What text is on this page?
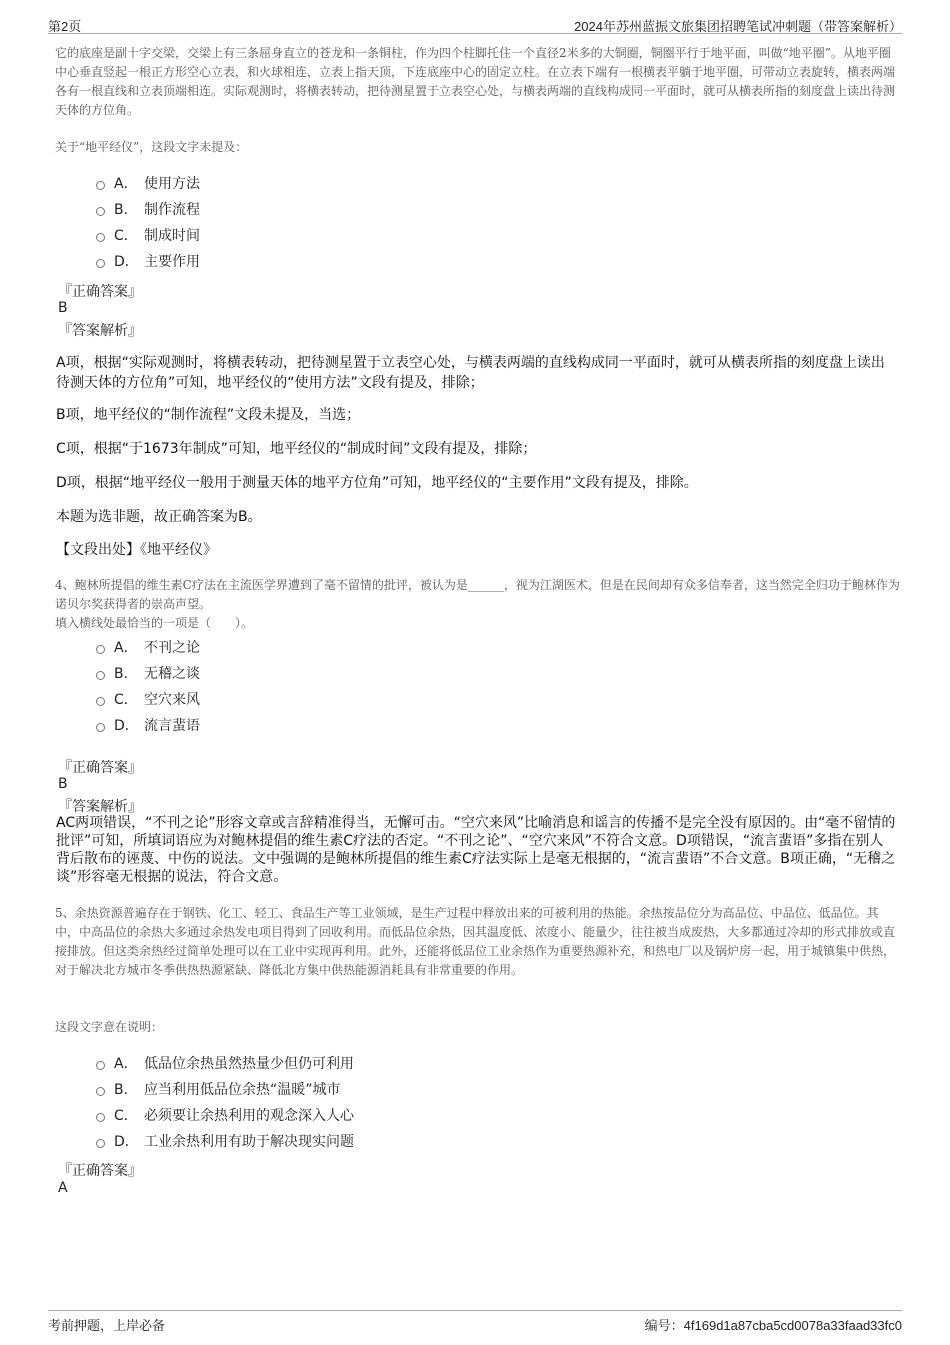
第2页	2024年苏州蓝振文旅集团招聘笔试冲刺题（带答案解析）
它的底座是副十字交梁，交梁上有三条屈身直立的苍龙和一条铜柱，作为四个柱脚托住一个直径2米多的大铜圈，铜圈平行于地平面，叫做“地平圈”。从地平圈中心垂直竖起一根正方形空心立表，和火球相连，立表上指天顶，下连底座中心的固定立柱。在立表下端有一根横表平躺于地平圈，可带动立表旋转，横表两端各有一根直线和立表顶端相连。实际观测时，将横表转动，把待测星置于立表空心处，与横表两端的直线构成同一平面时，就可从横表所指的刻度盘上读出待测天体的方位角。
关于“地平经仪”，这段文字未提及：
A． 使用方法
B． 制作流程
C． 制成时间
D． 主要作用
『正确答案』
B
『答案解析』
A项，根据“实际观测时，将横表转动，把待测星置于立表空心处，与横表两端的直线构成同一平面时，就可从横表所指的刻度盘上读出待测天体的方位角”可知，地平经仪的“使用方法”文段有提及，排除；
B项，地平经仪的“制作流程”文段未提及，当选；
C项，根据“于1673年制成”可知，地平经仪的“制成时间”文段有提及，排除；
D项，根据“地平经仪一般用于测量天体的地平方位角”可知，地平经仪的“主要作用”文段有提及，排除。
本题为选非题，故正确答案为B。
【文段出处】《地平经仪》
4、鲍林所提倡的维生素C疗法在主流医学界遭到了毫不留情的批评，被认为是______，视为江湖医术，但是在民间却有众多信奉者，这当然完全归功于鲍林作为诺贝尔奖获得者的崇高声望。
填入横线处最恰当的一项是（　　）。
A． 不刊之论
B． 无稽之谈
C． 空穴来风
D． 流言蜚语
『正确答案』
B
『答案解析』
AC两项错误，“不刊之论”形容文章或言辞精准得当，无懈可击。“空穴来风”比喻消息和谣言的传播不是完全没有原因的。由“毫不留情的批评”可知，所填词语应为对鲍林提倡的维生素C疗法的否定。“不刊之论”、“空穴来风”不符合文意。D项错误，“流言蜚语”多指在别人背后散布的诬蔑、中伤的说法。文中强调的是鲍林所提倡的维生素C疗法实际上是毫无根据的，“流言蜚语”不合文意。B项正确，“无稽之谈”形容毫无根据的说法，符合文意。
5、余热资源普遍存在于钢铁、化工、轻工、食品生产等工业领域，是生产过程中释放出来的可被利用的热能。余热按品位分为高品位、中品位、低品位。其中，中高品位的余热大多通过余热发电项目得到了回收利用。而低品位余热，因其温度低、浓度小、能量少，往往被当成废热，大多都通过冷却的形式排放或直接排放。但这类余热经过简单处理可以在工业中实现再利用。此外，还能将低品位工业余热作为重要热源补充，和热电厂以及锅炉房一起，用于城镇集中供热，对于解决北方城市冬季供热热源紧缺、降低北方集中供热能源消耗具有非常重要的作用。
这段文字意在说明：
A． 低品位余热虽然热量少但仍可利用
B． 应当利用低品位余热“温暖”城市
C． 必须要让余热利用的观念深入人心
D． 工业余热利用有助于解决现实问题
『正确答案』
A
考前押题，上岸必备	编号：4f169d1a87cba5cd0078a33faad33fc0
